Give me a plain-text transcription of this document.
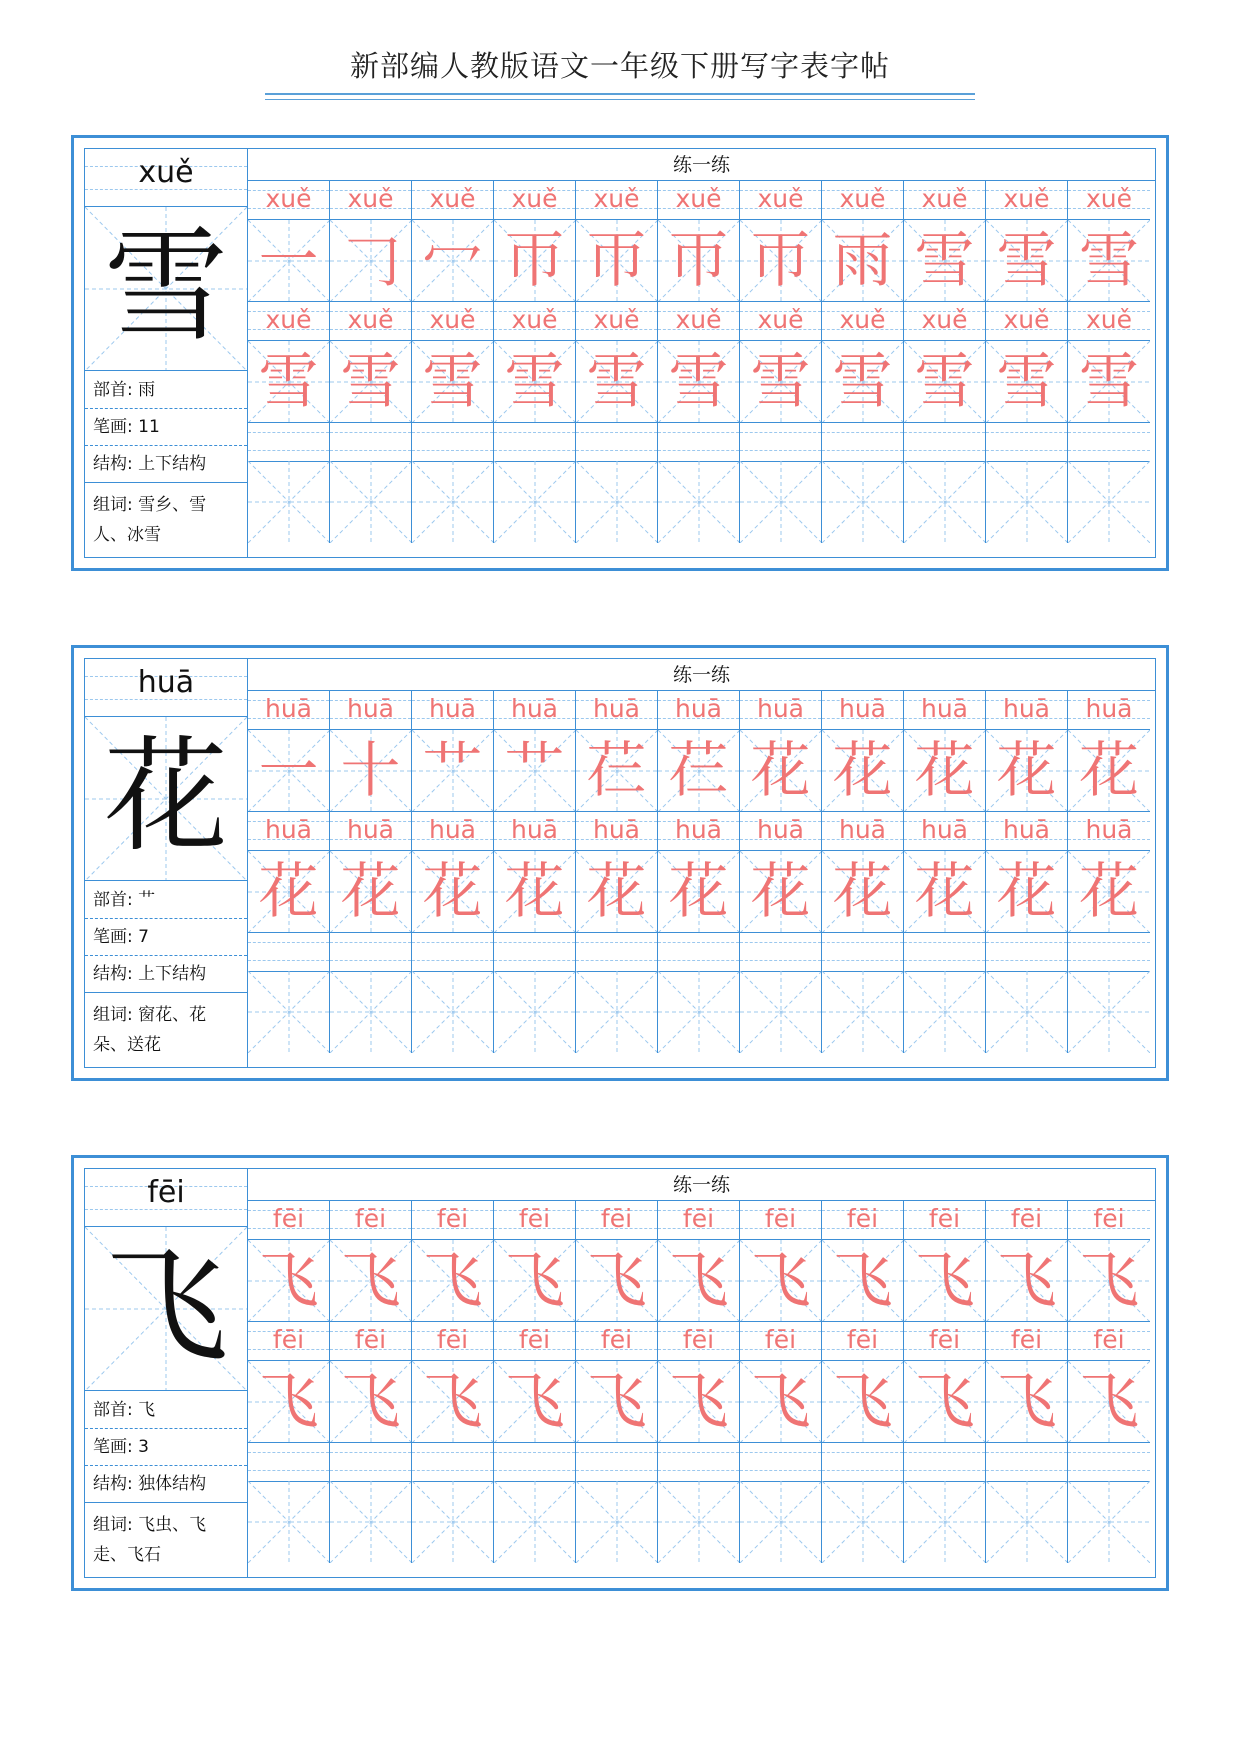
新部编人教版语文一年级下册写字表字帖
xuě
雪
部首: 雨
笔画: 11
结构: 上下结构
组词: 雪乡、雪人、冰雪
练一练
xuě
一
xuě
雪
xuě
𠃌
xuě
雪
xuě
冖
xuě
雪
xuě
帀
xuě
雪
xuě
帀
xuě
雪
xuě
帀
xuě
雪
xuě
帀
xuě
雪
xuě
雨
xuě
雪
xuě
雪
xuě
雪
xuě
雪
xuě
雪
xuě
雪
xuě
雪
huā
花
部首: 艹
笔画: 7
结构: 上下结构
组词: 窗花、花朵、送花
练一练
huā
一
huā
花
huā
十
huā
花
huā
艹
huā
花
huā
艹
huā
花
huā
芢
huā
花
huā
芢
huā
花
huā
花
huā
花
huā
花
huā
花
huā
花
huā
花
huā
花
huā
花
huā
花
huā
花
fēi
飞
部首: 飞
笔画: 3
结构: 独体结构
组词: 飞虫、飞走、飞石
练一练
fēi
飞
fēi
飞
fēi
飞
fēi
飞
fēi
飞
fēi
飞
fēi
飞
fēi
飞
fēi
飞
fēi
飞
fēi
飞
fēi
飞
fēi
飞
fēi
飞
fēi
飞
fēi
飞
fēi
飞
fēi
飞
fēi
飞
fēi
飞
fēi
飞
fēi
飞
